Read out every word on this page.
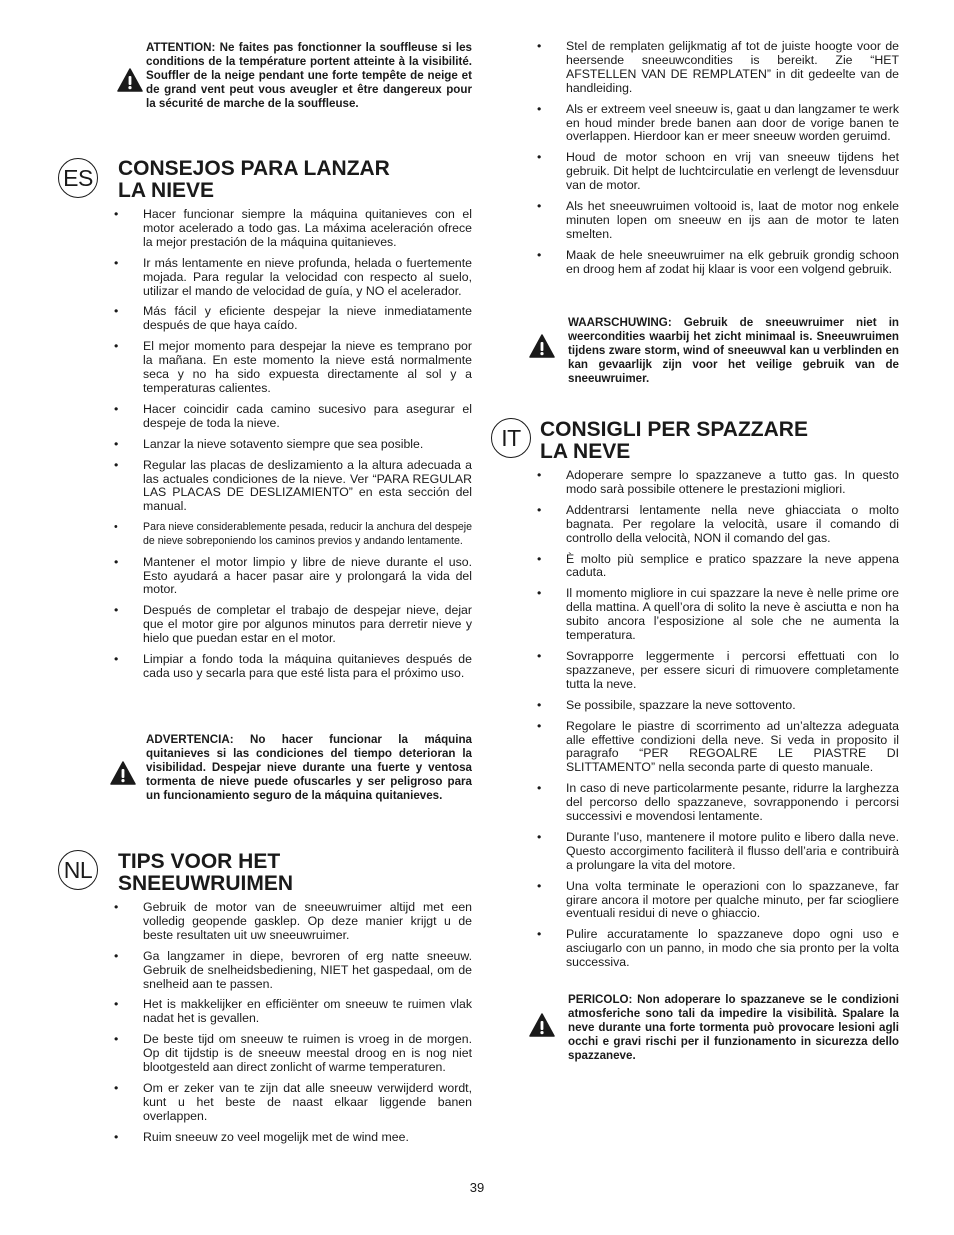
ATTENTION: Ne faites pas fonctionner la souffleuse si les conditions de la température portent atteinte à la visibilité. Souffler de la neige pendant une forte tempête de neige et de grand vent peut vous aveugler et être dangereux pour la sécurité de marche de la souffleuse.
ES CONSEJOS PARA LANZAR
LA NIEVE
• Hacer funcionar siempre la máquina quitanieves con el motor acelerado a todo gas. La máxima aceleración ofrece la mejor prestación de la máquina quitanieves.
• Ir más lentamente en nieve profunda, helada o fuertemente mojada. Para regular la velocidad con respecto al suelo, utilizar el mando de velocidad de guía, y NO el acelerador.
• Más fácil y eficiente despejar la nieve inmediatamente después de que haya caído.
• El mejor momento para despejar la nieve es temprano por la mañana. En este momento la nieve está normalmente seca y no ha sido expuesta directamente al sol y a temperaturas calientes.
• Hacer coincidir cada camino sucesivo para asegurar el despeje de toda la nieve.
• Lanzar la nieve sotavento siempre que sea posible.
• Regular las placas de deslizamiento a la altura adecuada a las actuales condiciones de la nieve. Ver “PARA REGULAR LAS PLACAS DE DESLIZAMIENTO” en esta sección del manual.
• Para nieve considerablemente pesada, reducir la anchura del despeje de nieve sobreponiendo los caminos previos y andando lentamente.
• Mantener el motor limpio y libre de nieve durante el uso. Esto ayudará a hacer pasar aire y prolongará la vida del motor.
• Después de completar el trabajo de despejar nieve, dejar que el motor gire por algunos minutos para derretir nieve y hielo que puedan estar en el motor.
• Limpiar a fondo toda la máquina quitanieves después de cada uso y secarla para que esté lista para el próximo uso.
ADVERTENCIA: No hacer funcionar la máquina quitanieves si las condiciones del tiempo deterioran la visibilidad. Despejar nieve durante una fuerte y ventosa tormenta de nieve puede ofuscarles y ser peligroso para un funcionamiento seguro de la máquina quitanieves.
NL TIPS VOOR HET
SNEEUWRUIMEN
• Gebruik de motor van de sneeuwruimer altijd met een volledig geopende gasklep. Op deze manier krijgt u de beste resultaten uit uw sneeuwruimer.
• Ga langzamer in diepe, bevroren of erg natte sneeuw. Gebruik de snelheidsbediening, NIET het gaspedaal, om de snelheid aan te passen.
• Het is makkelijker en efficiënter om sneeuw te ruimen vlak nadat het is gevallen.
• De beste tijd om sneeuw te ruimen is vroeg in de morgen. Op dit tijdstip is de sneeuw meestal droog en is nog niet blootgesteld aan direct zonlicht of warme temperaturen.
• Om er zeker van te zijn dat alle sneeuw verwijderd wordt, kunt u het beste de naast elkaar liggende banen overlappen.
• Ruim sneeuw zo veel mogelijk met de wind mee.
• Stel de remplaten gelijkmatig af tot de juiste hoogte voor de heersende sneeuwcondities is bereikt. Zie “HET AFSTELLEN VAN DE REMPLATEN” in dit gedeelte van de handleiding.
• Als er extreem veel sneeuw is, gaat u dan langzamer te werk en houd minder brede banen aan door de vorige banen te overlappen. Hierdoor kan er meer sneeuw worden geruimd.
• Houd de motor schoon en vrij van sneeuw tijdens het gebruik. Dit helpt de luchtcirculatie en verlengt de levensduur van de motor.
• Als het sneeuwruimen voltooid is, laat de motor nog enkele minuten lopen om sneeuw en ijs aan de motor te laten smelten.
• Maak de hele sneeuwruimer na elk gebruik grondig schoon en droog hem af zodat hij klaar is voor een volgend gebruik.
WAARSCHUWING: Gebruik de sneeuwruimer niet in weercondities waarbij het zicht minimaal is. Sneeuwruimen tijdens zware storm, wind of sneeuwval kan u verblinden en kan gevaarlijk zijn voor het veilige gebruik van de sneeuwruimer.
IT CONSIGLI PER SPAZZARE
LA NEVE
• Adoperare sempre lo spazzaneve a tutto gas. In questo modo sarà possibile ottenere le prestazioni migliori.
• Addentrarsi lentamente nella neve ghiacciata o molto bagnata. Per regolare la velocità, usare il comando di controllo della velocità, NON il comando del gas.
• È molto più semplice e pratico spazzare la neve appena caduta.
• Il momento migliore in cui spazzare la neve è nelle prime ore della mattina. A quell’ora di solito la neve è asciutta e non ha subito ancora l’esposizione al sole che ne aumenta la temperatura.
• Sovrapporre leggermente i percorsi effettuati con lo spazzaneve, per essere sicuri di rimuovere completamente tutta la neve.
• Se possibile, spazzare la neve sottovento.
• Regolare le piastre di scorrimento ad un’altezza adeguata alle effettive condizioni della neve. Si veda in proposito il paragrafo “PER REGOALRE LE PIASTRE DI SLITTAMENTO” nella seconda parte di questo manuale.
• In caso di neve particolarmente pesante, ridurre la larghezza del percorso dello spazzaneve, sovrapponendo i percorsi successivi e movendosi lentamente.
• Durante l’uso, mantenere il motore pulito e libero dalla neve. Questo accorgimento faciliterà il flusso dell’aria e contribuirà a prolungare la vita del motore.
• Una volta terminate le operazioni con lo spazzaneve, far girare ancora il motore per qualche minuto, per far sciogliere eventuali residui di neve o ghiaccio.
• Pulire accuratamente lo spazzaneve dopo ogni uso e asciugarlo con un panno, in modo che sia pronto per la volta successiva.
PERICOLO: Non adoperare lo spazzaneve se le condizioni atmosferiche sono tali da impedire la visibilità. Spalare la neve durante una forte tormenta può provocare lesioni agli occhi e gravi rischi per il funzionamento in sicurezza dello spazzaneve.
39
